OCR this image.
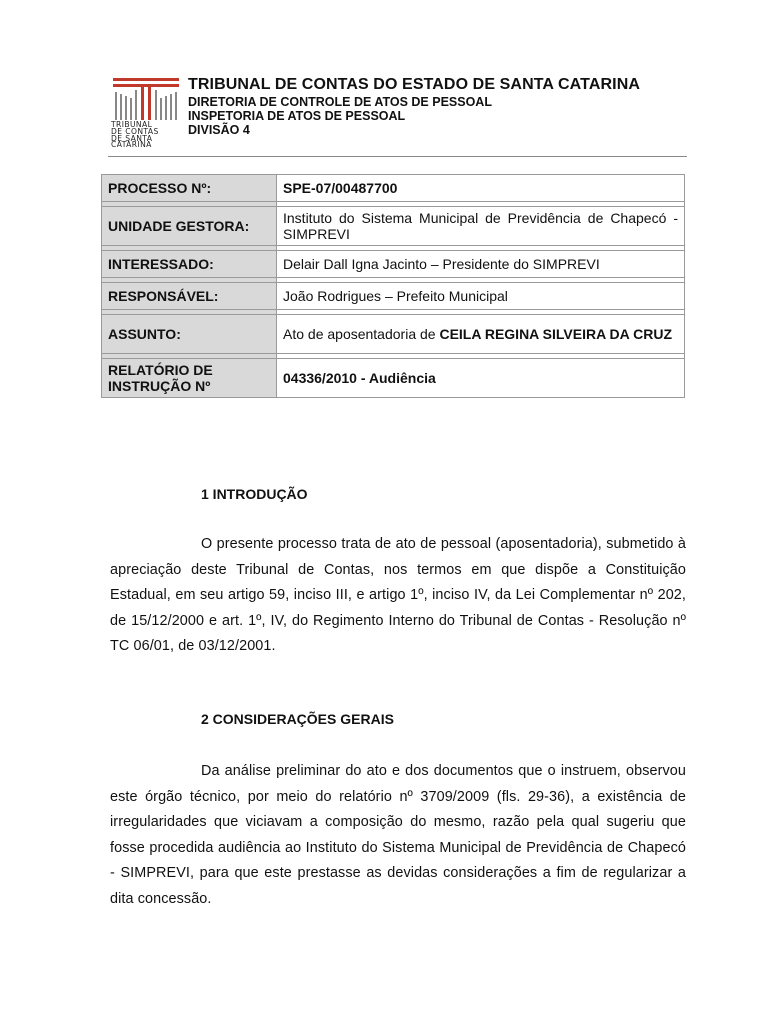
TRIBUNAL
DE CONTAS
DE SANTA
CATARINA
TRIBUNAL DE CONTAS DO ESTADO DE SANTA CATARINA
DIRETORIA DE CONTROLE DE ATOS DE PESSOAL
INSPETORIA DE ATOS DE PESSOAL
DIVISÃO 4
PROCESSO Nº:	SPE-07/00487700

UNIDADE GESTORA:	Instituto do Sistema Municipal de Previdência de Chapecó - SIMPREVI

INTERESSADO:	Delair Dall Igna Jacinto – Presidente do SIMPREVI

RESPONSÁVEL:	João Rodrigues – Prefeito Municipal

ASSUNTO:	Ato de aposentadoria de CEILA REGINA SILVEIRA DA CRUZ

RELATÓRIO DE INSTRUÇÃO Nº	04336/2010 - Audiência
1 INTRODUÇÃO
O presente processo trata de ato de pessoal (aposentadoria), submetido à apreciação deste Tribunal de Contas, nos termos em que dispõe a Constituição Estadual, em seu artigo 59, inciso III, e artigo 1º, inciso IV, da Lei Complementar nº 202, de 15/12/2000 e art. 1º, IV, do Regimento Interno do Tribunal de Contas - Resolução nº TC 06/01, de 03/12/2001.
2 CONSIDERAÇÕES GERAIS
Da análise preliminar do ato e dos documentos que o instruem, observou este órgão técnico, por meio do relatório nº 3709/2009 (fls. 29-36), a existência de irregularidades que viciavam a composição do mesmo, razão pela qual sugeriu que fosse procedida audiência ao Instituto do Sistema Municipal de Previdência de Chapecó - SIMPREVI, para que este prestasse as devidas considerações a fim de regularizar a dita concessão.
